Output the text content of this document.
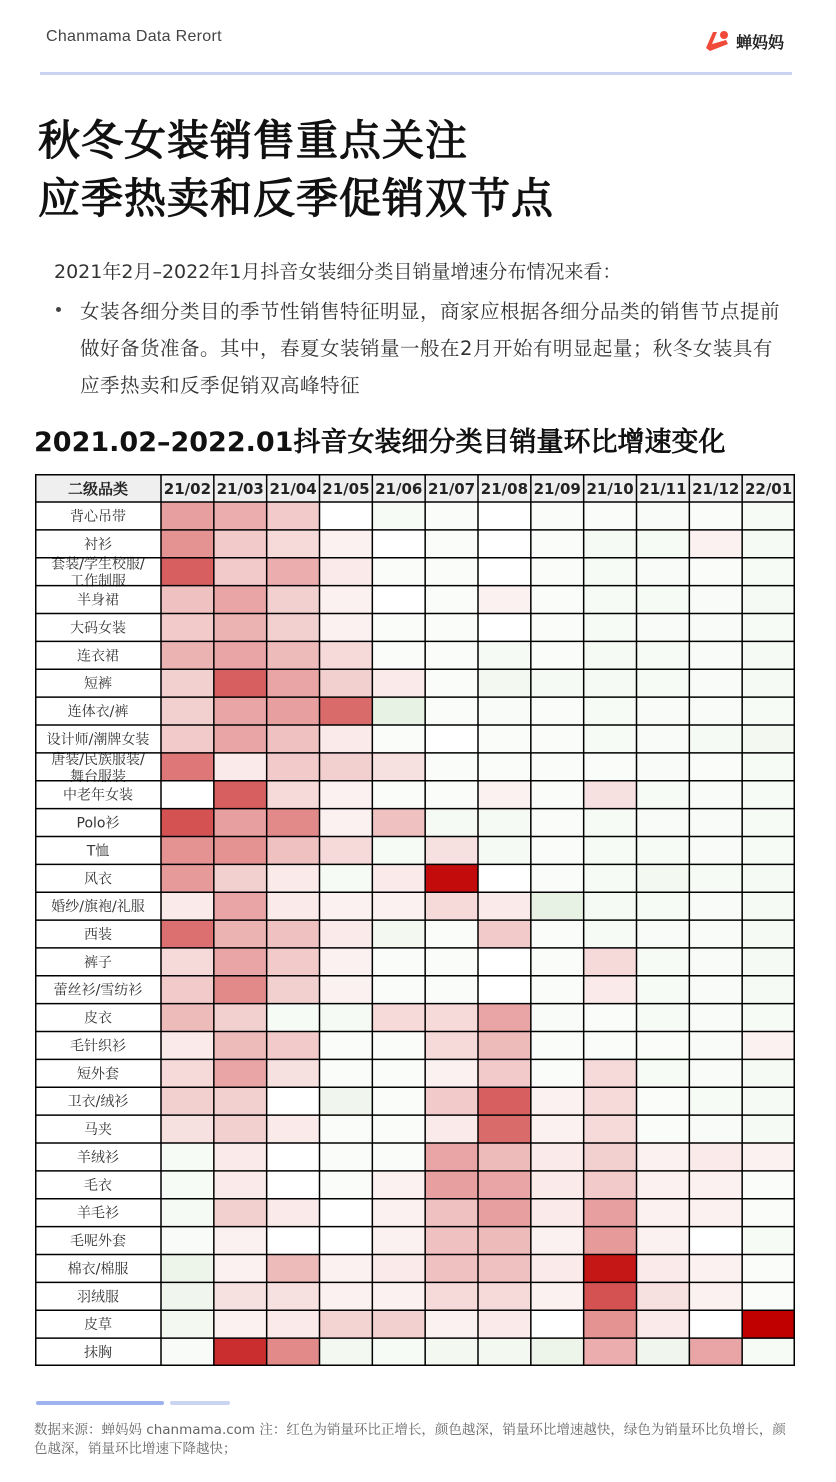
Chanmama Data Rerort	蝉妈妈
秋冬女装销售重点关注
应季热卖和反季促销双节点
2021年2月–2022年1月抖音女装细分类目销量增速分布情况来看：
女装各细分类目的季节性销售特征明显，商家应根据各细分品类的销售节点提前做好备货准备。其中，春夏女装销量一般在2月开始有明显起量；秋冬女装具有应季热卖和反季促销双高峰特征
2021.02–2022.01抖音女装细分类目销量环比增速变化
二级品类 21/02 21/03 21/04 21/05 21/06 21/07 21/08 21/09 21/10 21/11 21/12 22/01
背心吊带
衬衫
套装/学生校服/
工作制服
半身裙
大码女装
连衣裙
短裤
连体衣/裤
设计师/潮牌女装
唐装/民族服装/
舞台服装
中老年女装
Polo衫
T恤
风衣
婚纱/旗袍/礼服
西装
裤子
蕾丝衫/雪纺衫
皮衣
毛针织衫
短外套
卫衣/绒衫
马夹
羊绒衫
毛衣
羊毛衫
毛呢外套
棉衣/棉服
羽绒服
皮草
抹胸
数据来源：蝉妈妈 chanmama.com 注：红色为销量环比正增长，颜色越深，销量环比增速越快，绿色为销量环比负增长，颜色越深，销量环比增速下降越快；
